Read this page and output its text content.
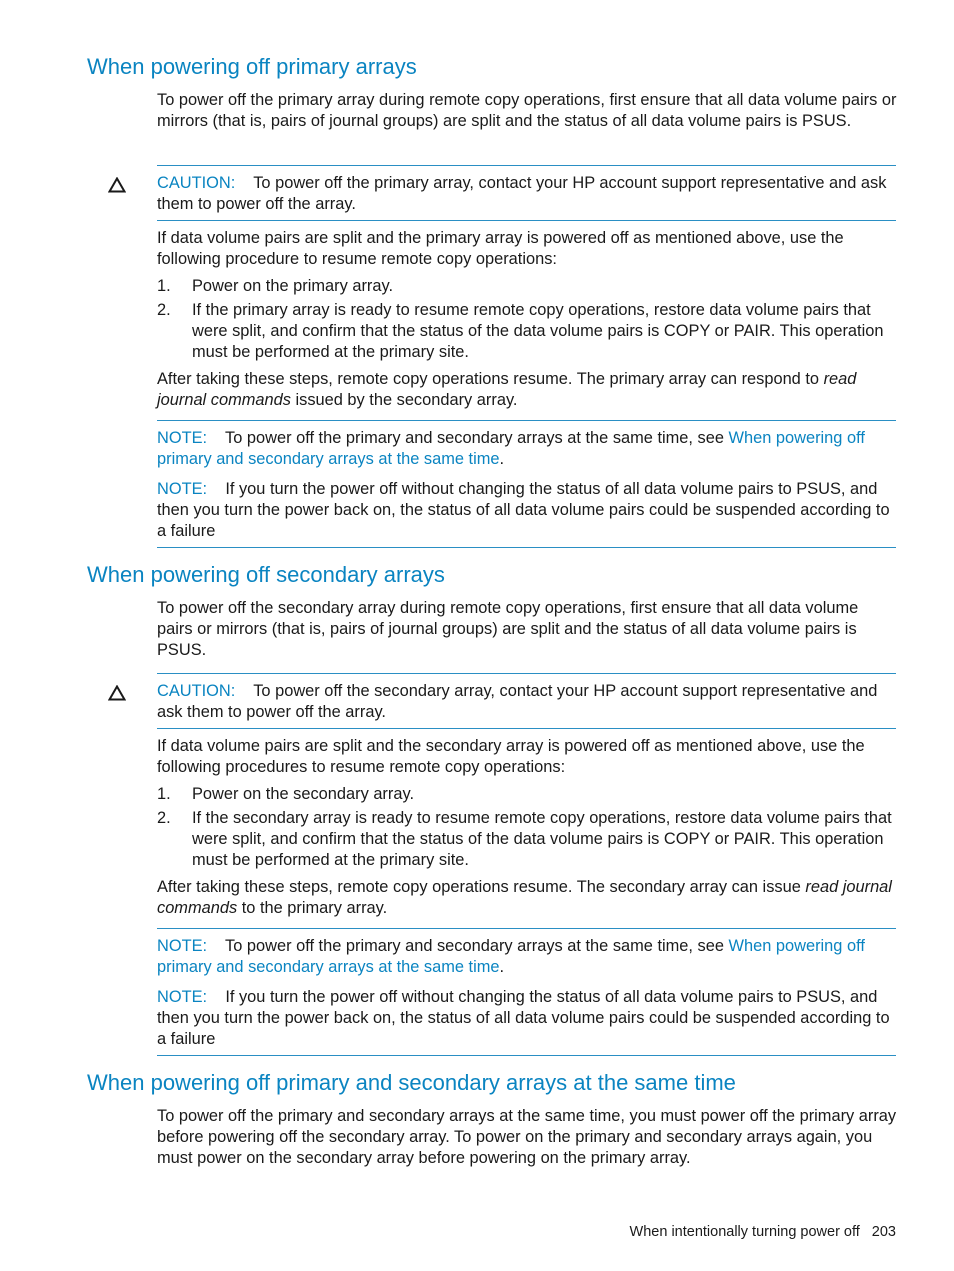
When powering off primary arrays

To power off the primary array during remote copy operations, first ensure that all data volume pairs or mirrors (that is, pairs of journal groups) are split and the status of all data volume pairs is PSUS.

CAUTION: To power off the primary array, contact your HP account support representative and ask them to power off the array.

If data volume pairs are split and the primary array is powered off as mentioned above, use the following procedure to resume remote copy operations:

1. Power on the primary array.
2. If the primary array is ready to resume remote copy operations, restore data volume pairs that were split, and confirm that the status of the data volume pairs is COPY or PAIR. This operation must be performed at the primary site.

After taking these steps, remote copy operations resume. The primary array can respond to read journal commands issued by the secondary array.

NOTE: To power off the primary and secondary arrays at the same time, see When powering off primary and secondary arrays at the same time.

NOTE: If you turn the power off without changing the status of all data volume pairs to PSUS, and then you turn the power back on, the status of all data volume pairs could be suspended according to a failure

When powering off secondary arrays

To power off the secondary array during remote copy operations, first ensure that all data volume pairs or mirrors (that is, pairs of journal groups) are split and the status of all data volume pairs is PSUS.

CAUTION: To power off the secondary array, contact your HP account support representative and ask them to power off the array.

If data volume pairs are split and the secondary array is powered off as mentioned above, use the following procedures to resume remote copy operations:

1. Power on the secondary array.
2. If the secondary array is ready to resume remote copy operations, restore data volume pairs that were split, and confirm that the status of the data volume pairs is COPY or PAIR. This operation must be performed at the primary site.

After taking these steps, remote copy operations resume. The secondary array can issue read journal commands to the primary array.

NOTE: To power off the primary and secondary arrays at the same time, see When powering off primary and secondary arrays at the same time.

NOTE: If you turn the power off without changing the status of all data volume pairs to PSUS, and then you turn the power back on, the status of all data volume pairs could be suspended according to a failure

When powering off primary and secondary arrays at the same time

To power off the primary and secondary arrays at the same time, you must power off the primary array before powering off the secondary array. To power on the primary and secondary arrays again, you must power on the secondary array before powering on the primary array.

When intentionally turning power off 203
